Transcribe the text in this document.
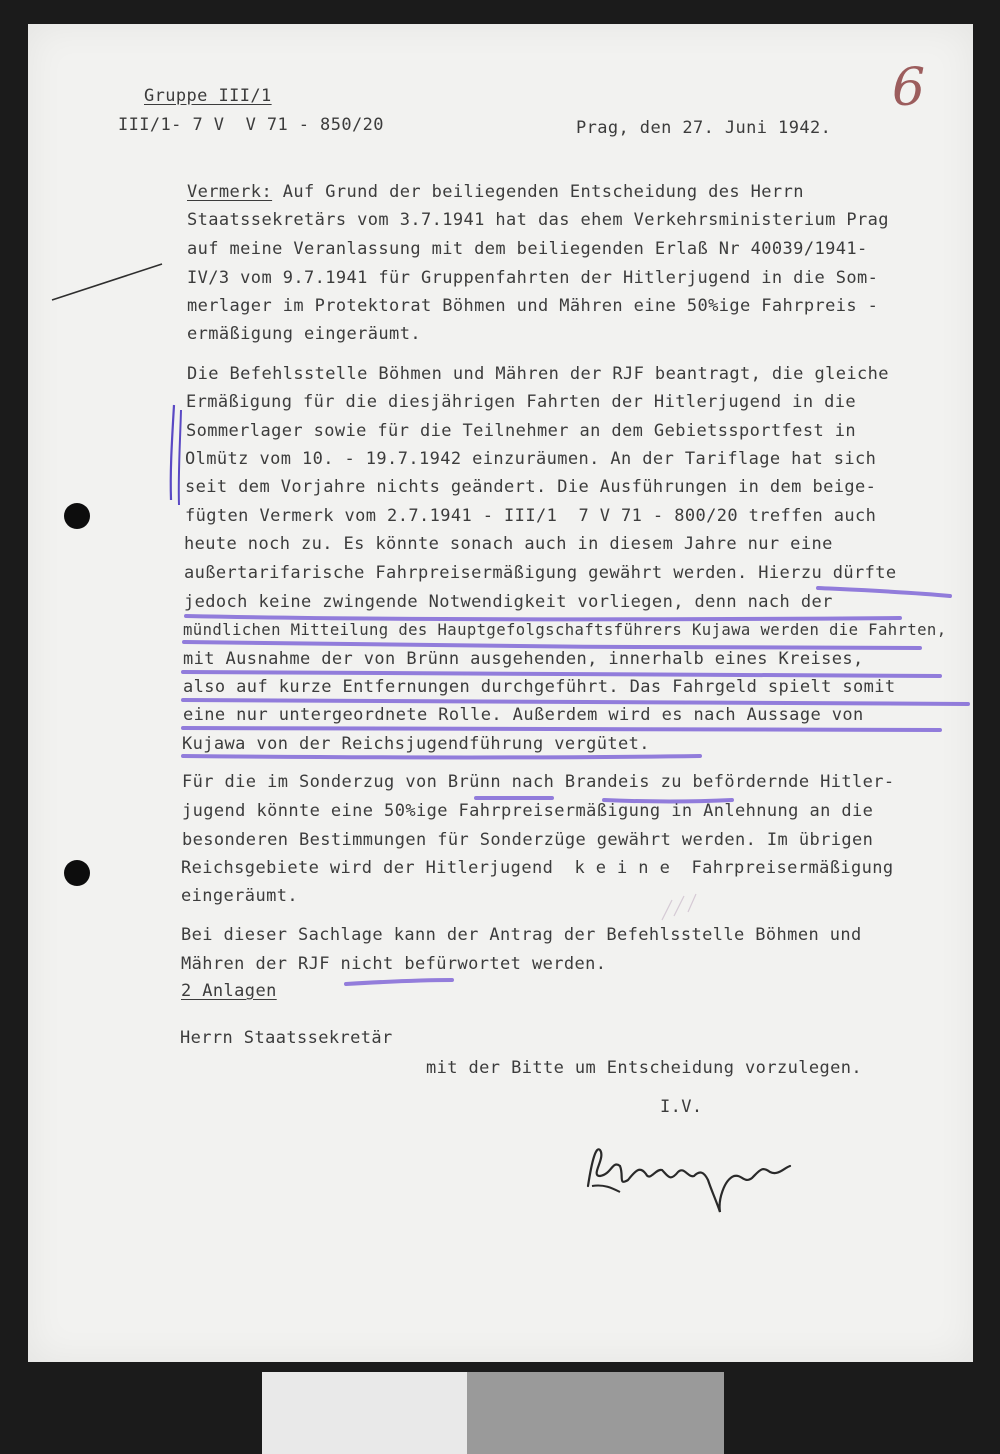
Gruppe III/1
III/1- 7 V  V 71 - 850/20	Prag, den 27. Juni 1942.
6
Vermerk: Auf Grund der beiliegenden Entscheidung des Herrn
Staatssekretärs vom 3.7.1941 hat das ehem Verkehrsministerium Prag
auf meine Veranlassung mit dem beiliegenden Erlaß Nr 40039/1941-
IV/3 vom 9.7.1941 für Gruppenfahrten der Hitlerjugend in die Som-
merlager im Protektorat Böhmen und Mähren eine 50%ige Fahrpreis -
ermäßigung eingeräumt.
Die Befehlsstelle Böhmen und Mähren der RJF beantragt, die gleiche
Ermäßigung für die diesjährigen Fahrten der Hitlerjugend in die
Sommerlager sowie für die Teilnehmer an dem Gebietssportfest in
Olmütz vom 10. - 19.7.1942 einzuräumen. An der Tariflage hat sich
seit dem Vorjahre nichts geändert. Die Ausführungen in dem beige-
fügten Vermerk vom 2.7.1941 - III/1  7 V 71 - 800/20 treffen auch
heute noch zu. Es könnte sonach auch in diesem Jahre nur eine
außertarifarische Fahrpreisermäßigung gewährt werden. Hierzu dürfte
jedoch keine zwingende Notwendigkeit vorliegen, denn nach der
mündlichen Mitteilung des Hauptgefolgschaftsführers Kujawa werden die Fahrten,
mit Ausnahme der von Brünn ausgehenden, innerhalb eines Kreises,
also auf kurze Entfernungen durchgeführt. Das Fahrgeld spielt somit
eine nur untergeordnete Rolle. Außerdem wird es nach Aussage von
Kujawa von der Reichsjugendführung vergütet.
Für die im Sonderzug von Brünn nach Brandeis zu befördernde Hitler-
jugend könnte eine 50%ige Fahrpreisermäßigung in Anlehnung an die
besonderen Bestimmungen für Sonderzüge gewährt werden. Im übrigen
Reichsgebiete wird der Hitlerjugend  k e i n e  Fahrpreisermäßigung
eingeräumt.
Bei dieser Sachlage kann der Antrag der Befehlsstelle Böhmen und
Mähren der RJF nicht befürwortet werden.
2 Anlagen
Herrn Staatssekretär
mit der Bitte um Entscheidung vorzulegen.
I.V.
